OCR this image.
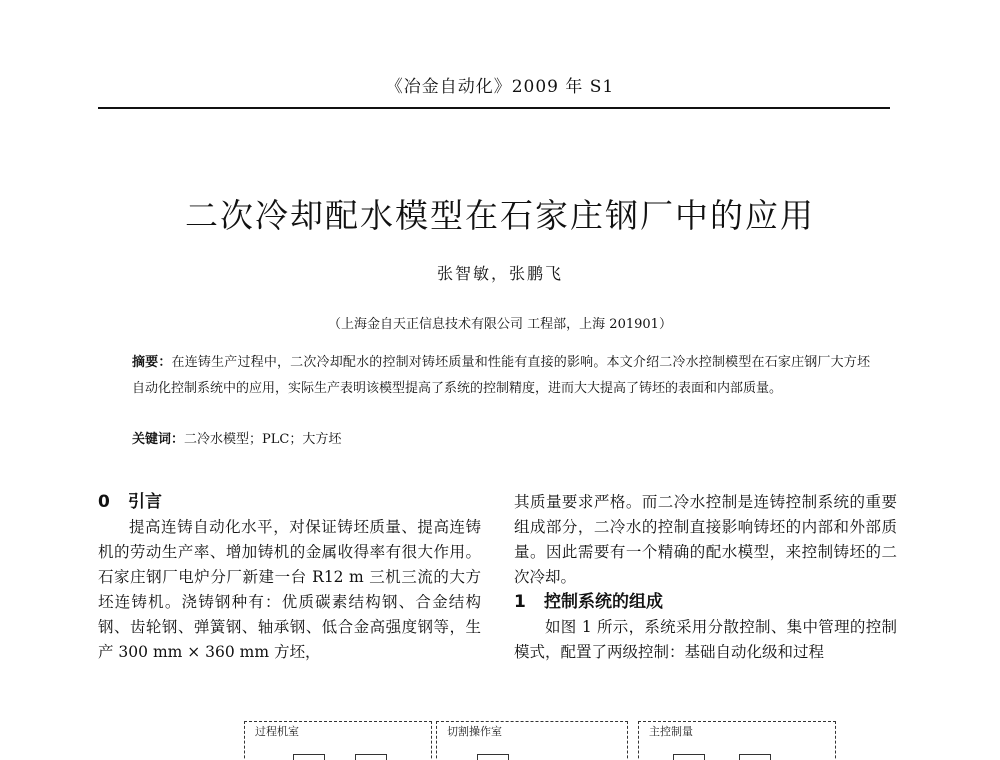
《冶金自动化》2009 年 S1
二次冷却配水模型在石家庄钢厂中的应用
张智敏，张鹏飞
（上海金自天正信息技术有限公司 工程部，上海 201901）
摘要：在连铸生产过程中，二次冷却配水的控制对铸坯质量和性能有直接的影响。本文介绍二冷水控制模型在石家庄钢厂大方坯自动化控制系统中的应用，实际生产表明该模型提高了系统的控制精度，进而大大提高了铸坯的表面和内部质量。
关键词：二冷水模型；PLC；大方坯
0 引言

提高连铸自动化水平，对保证铸坯质量、提高连铸机的劳动生产率、增加铸机的金属收得率有很大作用。石家庄钢厂电炉分厂新建一台 R12 m 三机三流的大方坯连铸机。浇铸钢种有：优质碳素结构钢、合金结构钢、齿轮钢、弹簧钢、轴承钢、低合金高强度钢等，生产 300 mm × 360 mm 方坯，

其质量要求严格。而二冷水控制是连铸控制系统的重要组成部分，二冷水的控制直接影响铸坯的内部和外部质量。因此需要有一个精确的配水模型，来控制铸坯的二次冷却。

1 控制系统的组成

如图 1 所示，系统采用分散控制、集中管理的控制模式，配置了两级控制：基础自动化级和过程

过程机室	切割操作室	主控制量
